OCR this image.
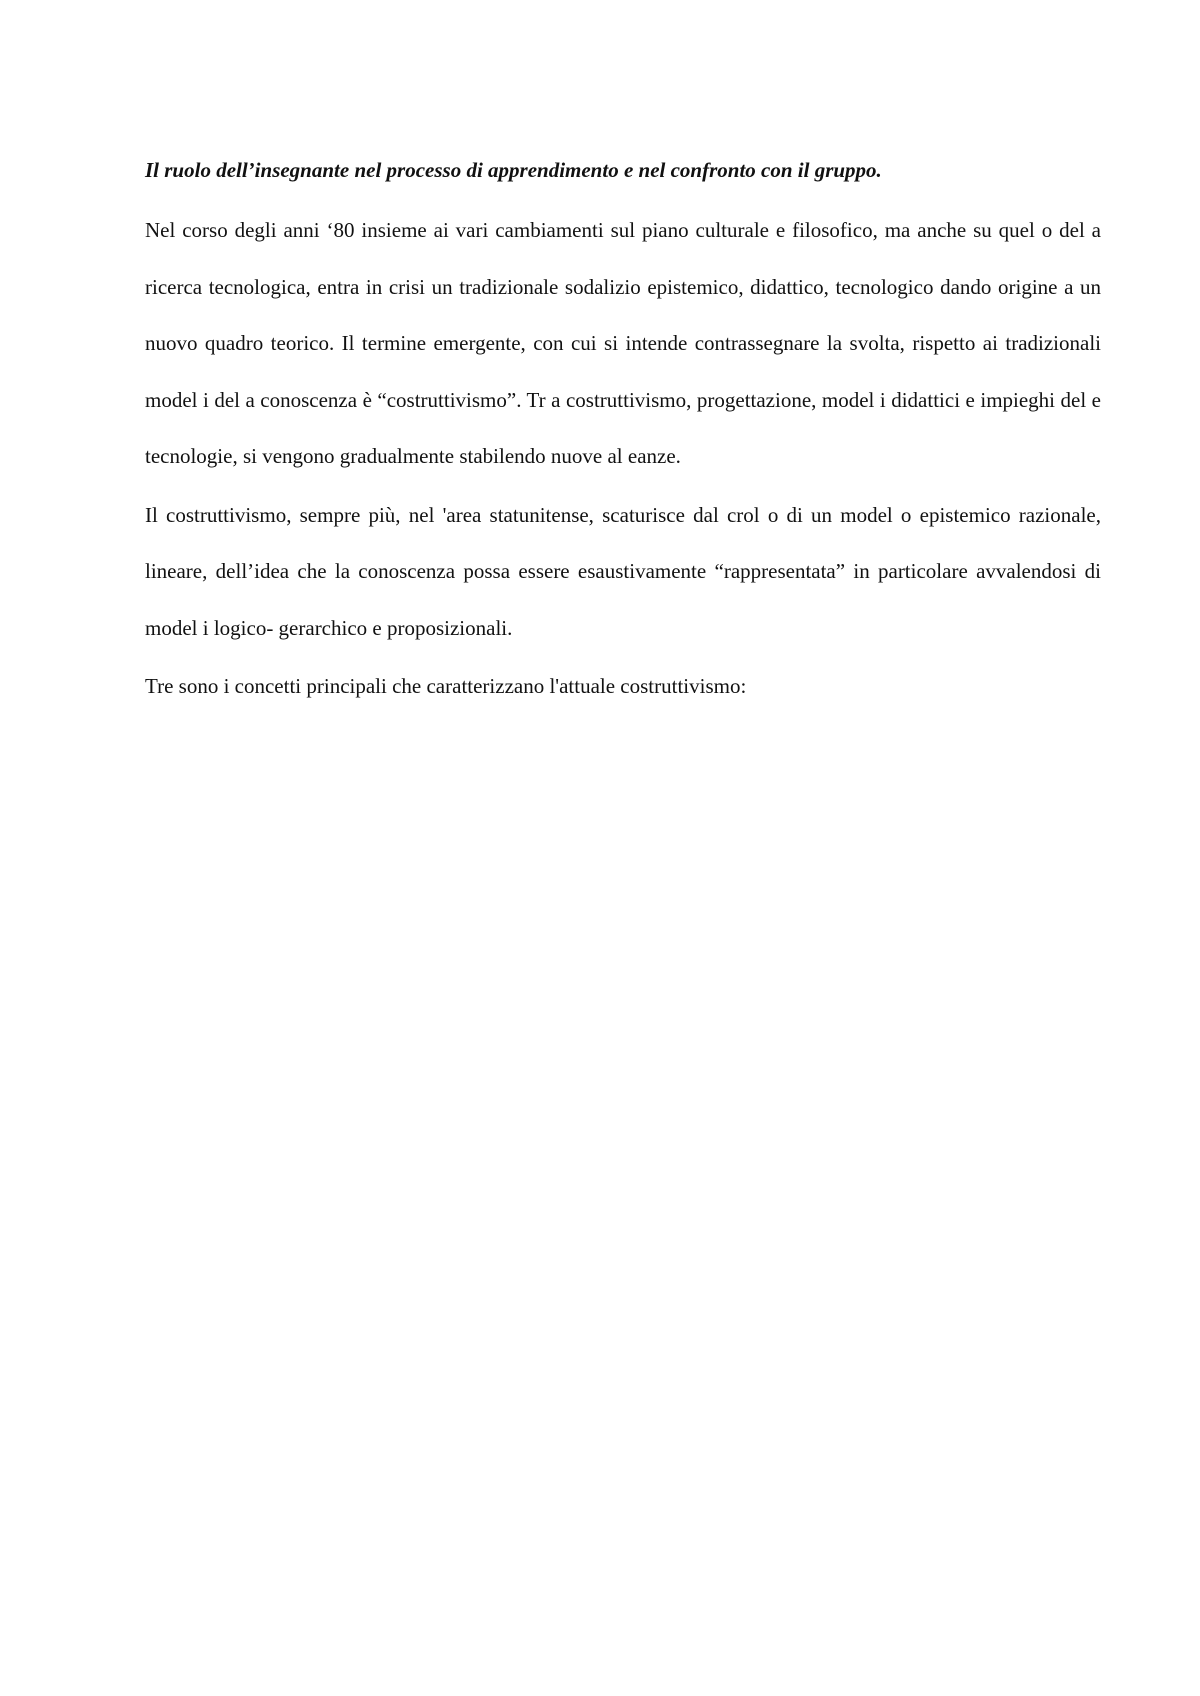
Il ruolo dell’insegnante nel processo di apprendimento e nel confronto con il gruppo.

Nel corso degli anni ‘80 insieme ai vari cambiamenti sul piano culturale e filosofico, ma anche su quel o del a ricerca tecnologica, entra in crisi un tradizionale sodalizio epistemico, didattico, tecnologico dando origine a un nuovo quadro teorico. Il termine emergente, con cui si intende contrassegnare la svolta, rispetto ai tradizionali model i del a conoscenza è “costruttivismo”. Tr a costruttivismo, progettazione, model i didattici e impieghi del e tecnologie, si vengono gradualmente stabilendo nuove al eanze.

Il costruttivismo, sempre più, nel 'area statunitense, scaturisce dal crol o di un model o epistemico razionale, lineare, dell’idea che la conoscenza possa essere esaustivamente “rappresentata” in particolare avvalendosi di model i logico- gerarchico e proposizionali.

Tre sono i concetti principali che caratterizzano l'attuale costruttivismo:
